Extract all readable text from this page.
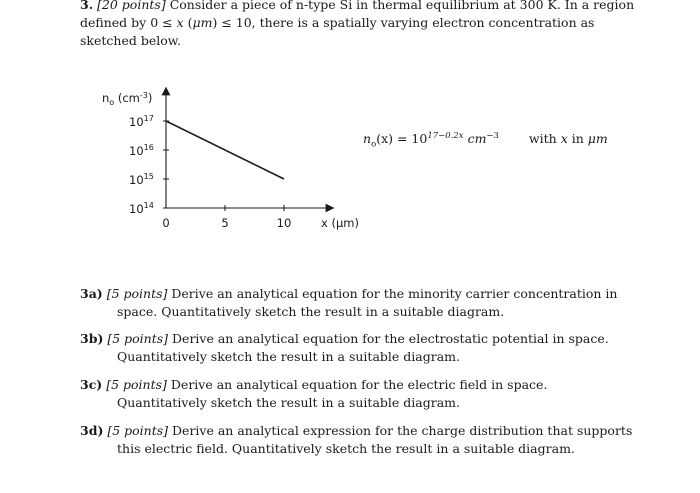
3. [20 points] Consider a piece of n-type Si in thermal equilibrium at 300 K. In a region defined by 0 ≤ x (μm) ≤ 10, there is a spatially varying electron concentration as sketched below.
$n_o$ $(cm^{-3})$
$10^{17}$
$10^{16}$
$10^{15}$
$10^{14}$
0	5	10	x (μm)
$n_o(x) = 10^{17-0.2x}$ $cm^{-3}$ with x in μm
3a) [5 points] Derive an analytical equation for the minority carrier concentration in space. Quantitatively sketch the result in a suitable diagram.
3b) [5 points] Derive an analytical equation for the electrostatic potential in space. Quantitatively sketch the result in a suitable diagram.
3c) [5 points] Derive an analytical equation for the electric field in space. Quantitatively sketch the result in a suitable diagram.
3d) [5 points] Derive an analytical expression for the charge distribution that supports this electric field. Quantitatively sketch the result in a suitable diagram.
